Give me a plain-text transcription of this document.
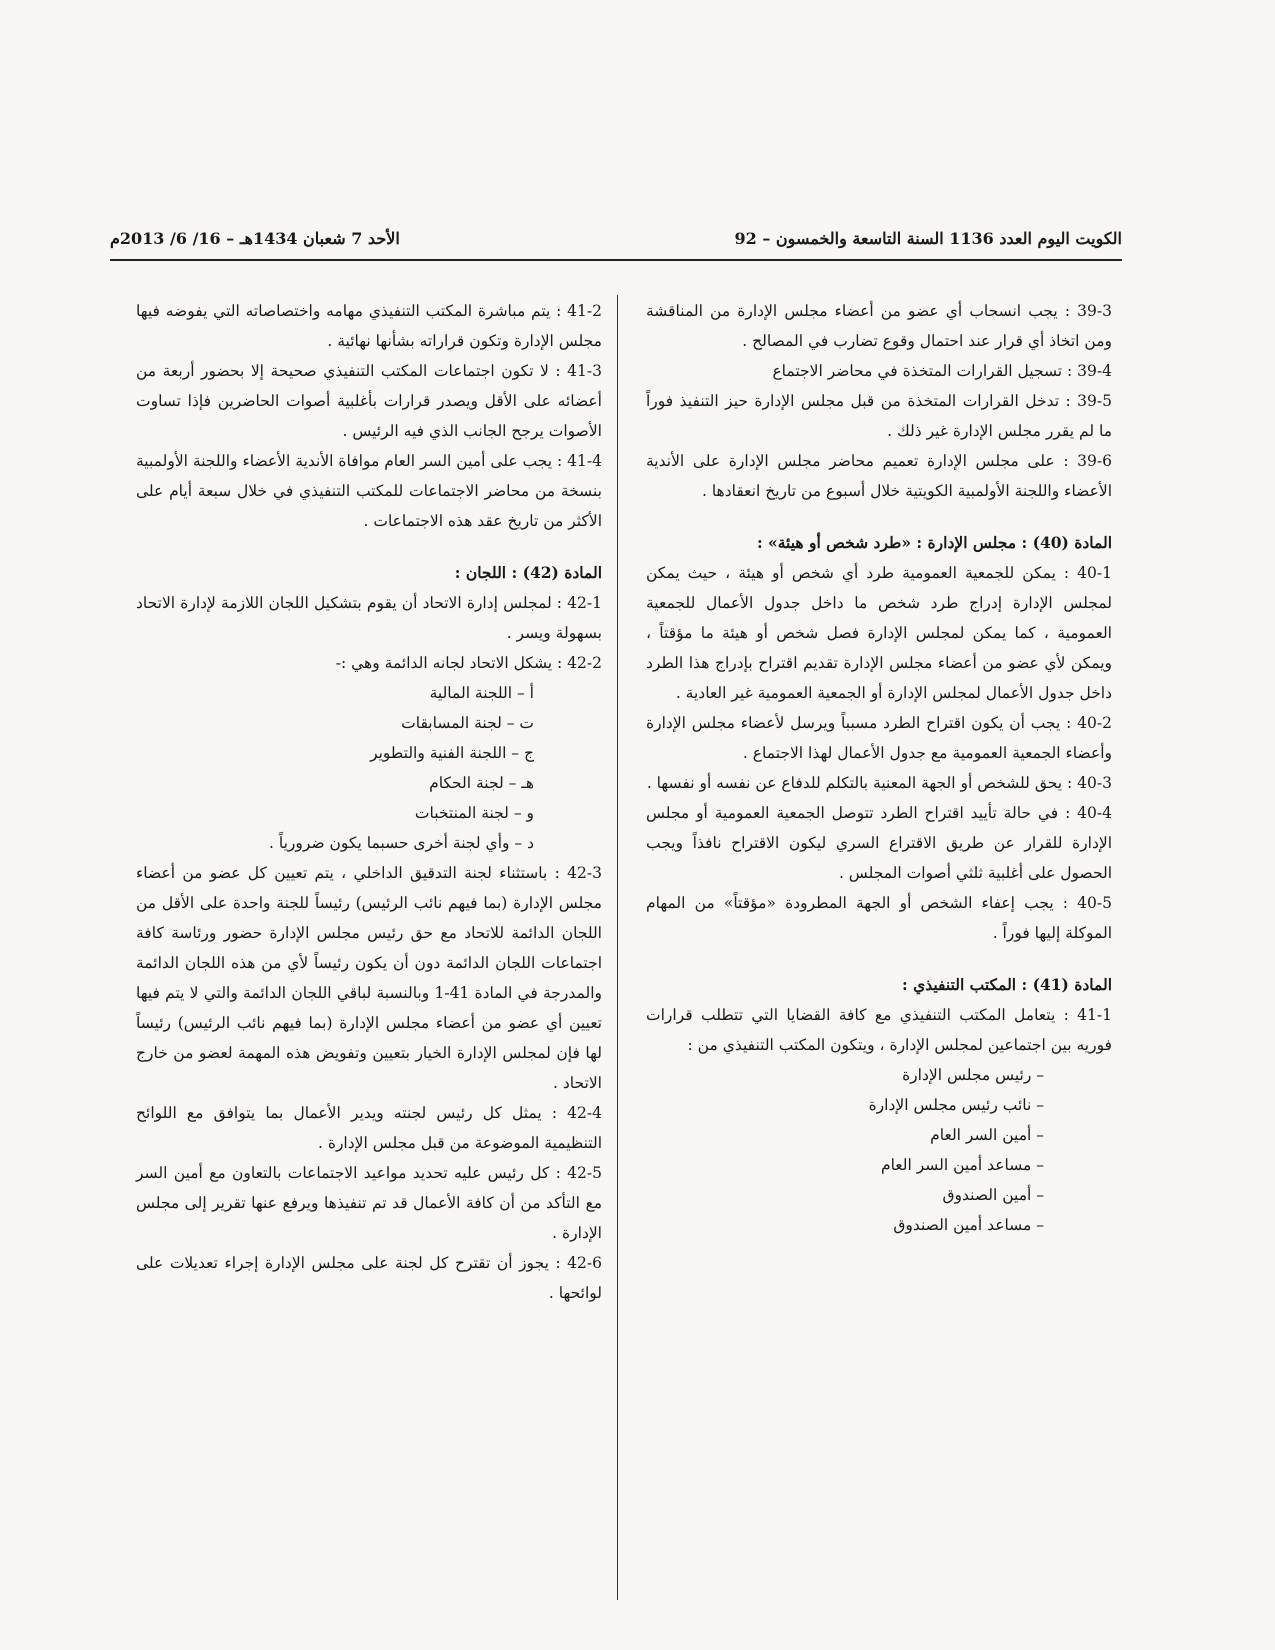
الكويت اليوم العدد 1136 السنة التاسعة والخمسون – 92
الأحد 7 شعبان 1434هـ – 16/ 6/ 2013م

39-3 : يجب انسحاب أي عضو من أعضاء مجلس الإدارة من المناقشة ومن اتخاذ أي قرار عند احتمال وقوع تضارب في المصالح .

39-4 : تسجيل القرارات المتخذة في محاضر الاجتماع

39-5 : تدخل القرارات المتخذة من قبل مجلس الإدارة حيز التنفيذ فوراً ما لم يقرر مجلس الإدارة غير ذلك .

39-6 : على مجلس الإدارة تعميم محاضر مجلس الإدارة على الأندية الأعضاء واللجنة الأولمبية الكويتية خلال أسبوع من تاريخ انعقادها .

المادة (40) : مجلس الإدارة : «طرد شخص أو هيئة» :

40-1 : يمكن للجمعية العمومية طرد أي شخص أو هيئة ، حيث يمكن لمجلس الإدارة إدراج طرد شخص ما داخل جدول الأعمال للجمعية العمومية ، كما يمكن لمجلس الإدارة فصل شخص أو هيئة ما مؤقتاً ، ويمكن لأي عضو من أعضاء مجلس الإدارة تقديم اقتراح بإدراج هذا الطرد داخل جدول الأعمال لمجلس الإدارة أو الجمعية العمومية غير العادية .

40-2 : يجب أن يكون اقتراح الطرد مسبباً ويرسل لأعضاء مجلس الإدارة وأعضاء الجمعية العمومية مع جدول الأعمال لهذا الاجتماع .

40-3 : يحق للشخص أو الجهة المعنية بالتكلم للدفاع عن نفسه أو نفسها .

40-4 : في حالة تأييد اقتراح الطرد تتوصل الجمعية العمومية أو مجلس الإدارة للقرار عن طريق الاقتراع السري ليكون الاقتراح نافذاً ويجب الحصول على أغلبية ثلثي أصوات المجلس .

40-5 : يجب إعفاء الشخص أو الجهة المطرودة «مؤقتاً» من المهام الموكلة إليها فوراً .

المادة (41) : المكتب التنفيذي :

41-1 : يتعامل المكتب التنفيذي مع كافة القضايا التي تتطلب قرارات فوريه بين اجتماعين لمجلس الإدارة ، ويتكون المكتب التنفيذي من :

– رئيس مجلس الإدارة

– نائب رئيس مجلس الإدارة

– أمين السر العام

– مساعد أمين السر العام

– أمين الصندوق

– مساعد أمين الصندوق

41-2 : يتم مباشرة المكتب التنفيذي مهامه واختصاصاته التي يفوضه فيها مجلس الإدارة وتكون قراراته بشأنها نهائية .

41-3 : لا تكون اجتماعات المكتب التنفيذي صحيحة إلا بحضور أربعة من أعضائه على الأقل ويصدر قرارات بأغلبية أصوات الحاضرين فإذا تساوت الأصوات يرجح الجانب الذي فيه الرئيس .

41-4 : يجب على أمين السر العام موافاة الأندية الأعضاء واللجنة الأولمبية بنسخة من محاضر الاجتماعات للمكتب التنفيذي في خلال سبعة أيام على الأكثر من تاريخ عقد هذه الاجتماعات .

المادة (42) : اللجان :

42-1 : لمجلس إدارة الاتحاد أن يقوم بتشكيل اللجان اللازمة لإدارة الاتحاد بسهولة ويسر .

42-2 : يشكل الاتحاد لجانه الدائمة وهي :-

أ – اللجنة المالية

ت – لجنة المسابقات

ج – اللجنة الفنية والتطوير

هـ – لجنة الحكام

و – لجنة المنتخبات

د – وأي لجنة أخرى حسبما يكون ضرورياً .

42-3 : باستثناء لجنة التدقيق الداخلي ، يتم تعيين كل عضو من أعضاء مجلس الإدارة (بما فيهم نائب الرئيس) رئيساً للجنة واحدة على الأقل من اللجان الدائمة للاتحاد مع حق رئيس مجلس الإدارة حضور ورئاسة كافة اجتماعات اللجان الدائمة دون أن يكون رئيساً لأي من هذه اللجان الدائمة والمدرجة في المادة 41-1 وبالنسبة لباقي اللجان الدائمة والتي لا يتم فيها تعيين أي عضو من أعضاء مجلس الإدارة (بما فيهم نائب الرئيس) رئيساً لها فإن لمجلس الإدارة الخيار بتعيين وتفويض هذه المهمة لعضو من خارج الاتحاد .

42-4 : يمثل كل رئيس لجنته ويدير الأعمال بما يتوافق مع اللوائح التنظيمية الموضوعة من قبل مجلس الإدارة .

42-5 : كل رئيس عليه تحديد مواعيد الاجتماعات بالتعاون مع أمين السر مع التأكد من أن كافة الأعمال قد تم تنفيذها ويرفع عنها تقرير إلى مجلس الإدارة .

42-6 : يجوز أن تقترح كل لجنة على مجلس الإدارة إجراء تعديلات على لوائحها .
